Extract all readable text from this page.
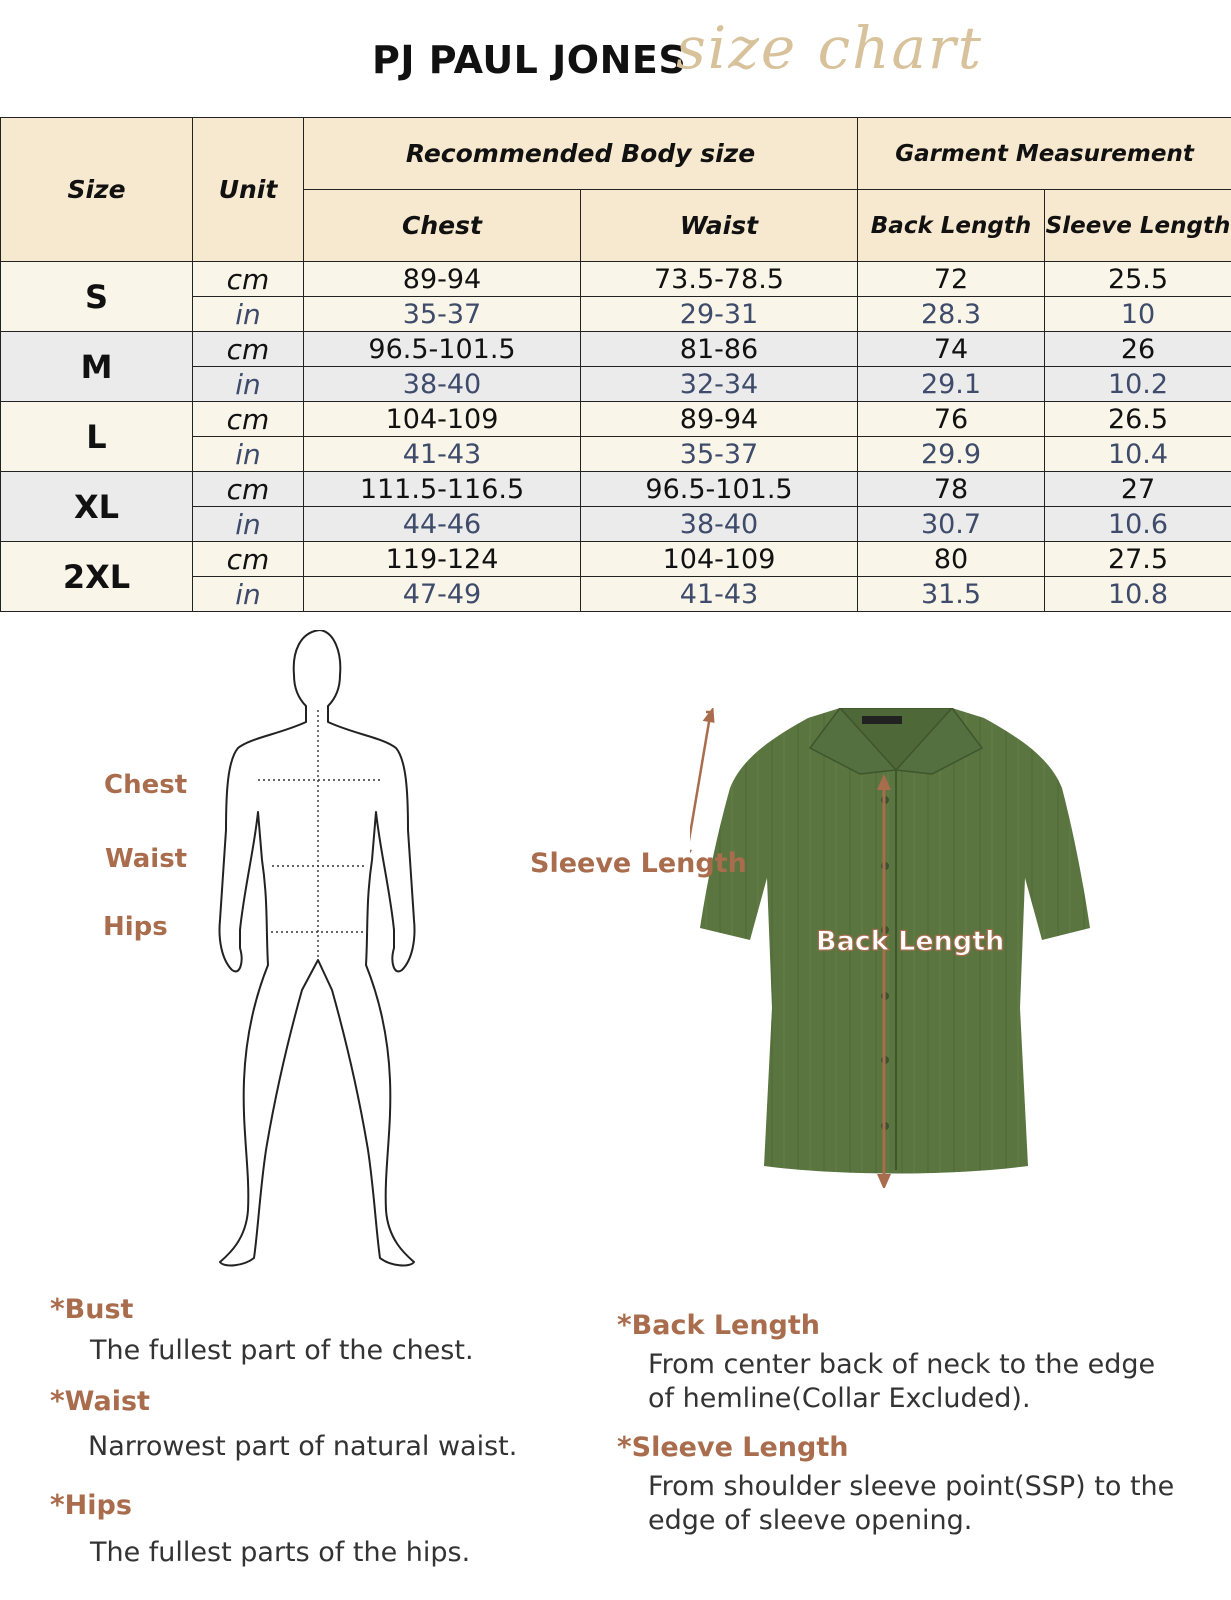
PJ PAUL JONES
size chart
Size	Unit	Recommended Body size		Garment Measurement	
		Chest	Waist	Back Length	Sleeve Length
S	cm	89-94	73.5-78.5	72	25.5
	in	35-37	29-31	28.3	10
M	cm	96.5-101.5	81-86	74	26
	in	38-40	32-34	29.1	10.2
L	cm	104-109	89-94	76	26.5
	in	41-43	35-37	29.9	10.4
XL	cm	111.5-116.5	96.5-101.5	78	27
	in	44-46	38-40	30.7	10.6
2XL	cm	119-124	104-109	80	27.5
	in	47-49	41-43	31.5	10.8
Chest
Waist
Hips
Sleeve Length
Back Length
*Bust
The fullest part of the chest.
*Waist
Narrowest part of natural waist.
*Hips
The fullest parts of the hips.
*Back Length
From center back of neck to the edge
of hemline(Collar Excluded).
*Sleeve Length
From shoulder sleeve point(SSP) to the
edge of sleeve opening.
